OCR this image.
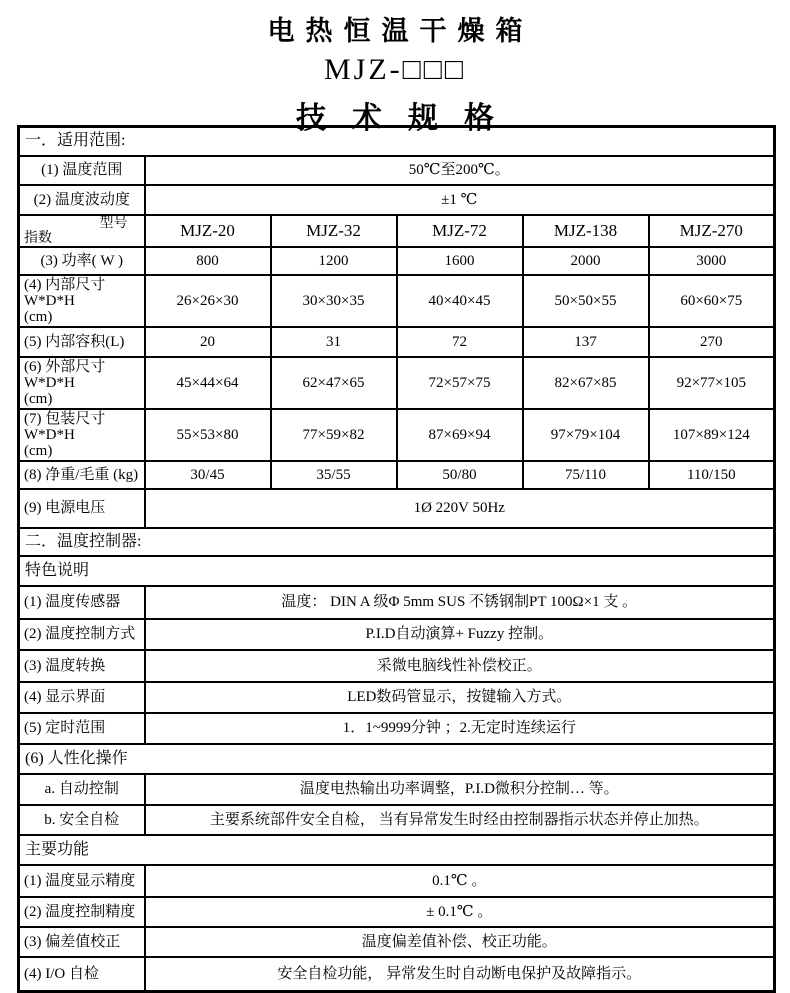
电热恒温干燥箱
MJZ-□□□
技术规格
一．适用范围:					
(1) 温度范围	50℃至200℃。				
(2) 温度波动度	±1 ℃				

型号
指数	MJZ-20	MJZ-32	MJZ-72	MJZ-138	MJZ-270
(3) 功率( W )	800	1200	1600	2000	3000
(4) 内部尺寸W*D*H
(cm)	26×26×30	30×30×35	40×40×45	50×50×55	60×60×75
(5) 内部容积(L)	20	31	72	137	270
(6) 外部尺寸W*D*H
(cm)	45×44×64	62×47×65	72×57×75	82×67×85	92×77×105
(7) 包装尺寸W*D*H
(cm)	55×53×80	77×59×82	87×69×94	97×79×104	107×89×124
(8) 净重/毛重 (kg)	30/45	35/55	50/80	75/110	110/150
(9) 电源电压	1Ø 220V 50Hz				
二．温度控制器:					
特色说明					
(1) 温度传感器	温度： DIN A 级Φ 5mm SUS 不锈钢制PT 100Ω×1 支 。				
(2) 温度控制方式	P.I.D自动演算+ Fuzzy 控制。				
(3) 温度转换	采微电脑线性补偿校正。				
(4) 显示界面	LED数码管显示，按键输入方式。				
(5) 定时范围	1．1~9999分钟 ；2.无定时连续运行				
(6) 人性化操作					
a. 自动控制	温度电热输出功率调整，P.I.D微积分控制… 等。				
b. 安全自检	主要系统部件安全自检， 当有异常发生时经由控制器指示状态并停止加热。				
主要功能					
(1) 温度显示精度	0.1℃ 。				
(2) 温度控制精度	± 0.1℃ 。				
(3) 偏差值校正	温度偏差值补偿、校正功能。				
(4) I/O 自检	安全自检功能， 异常发生时自动断电保护及故障指示。				
